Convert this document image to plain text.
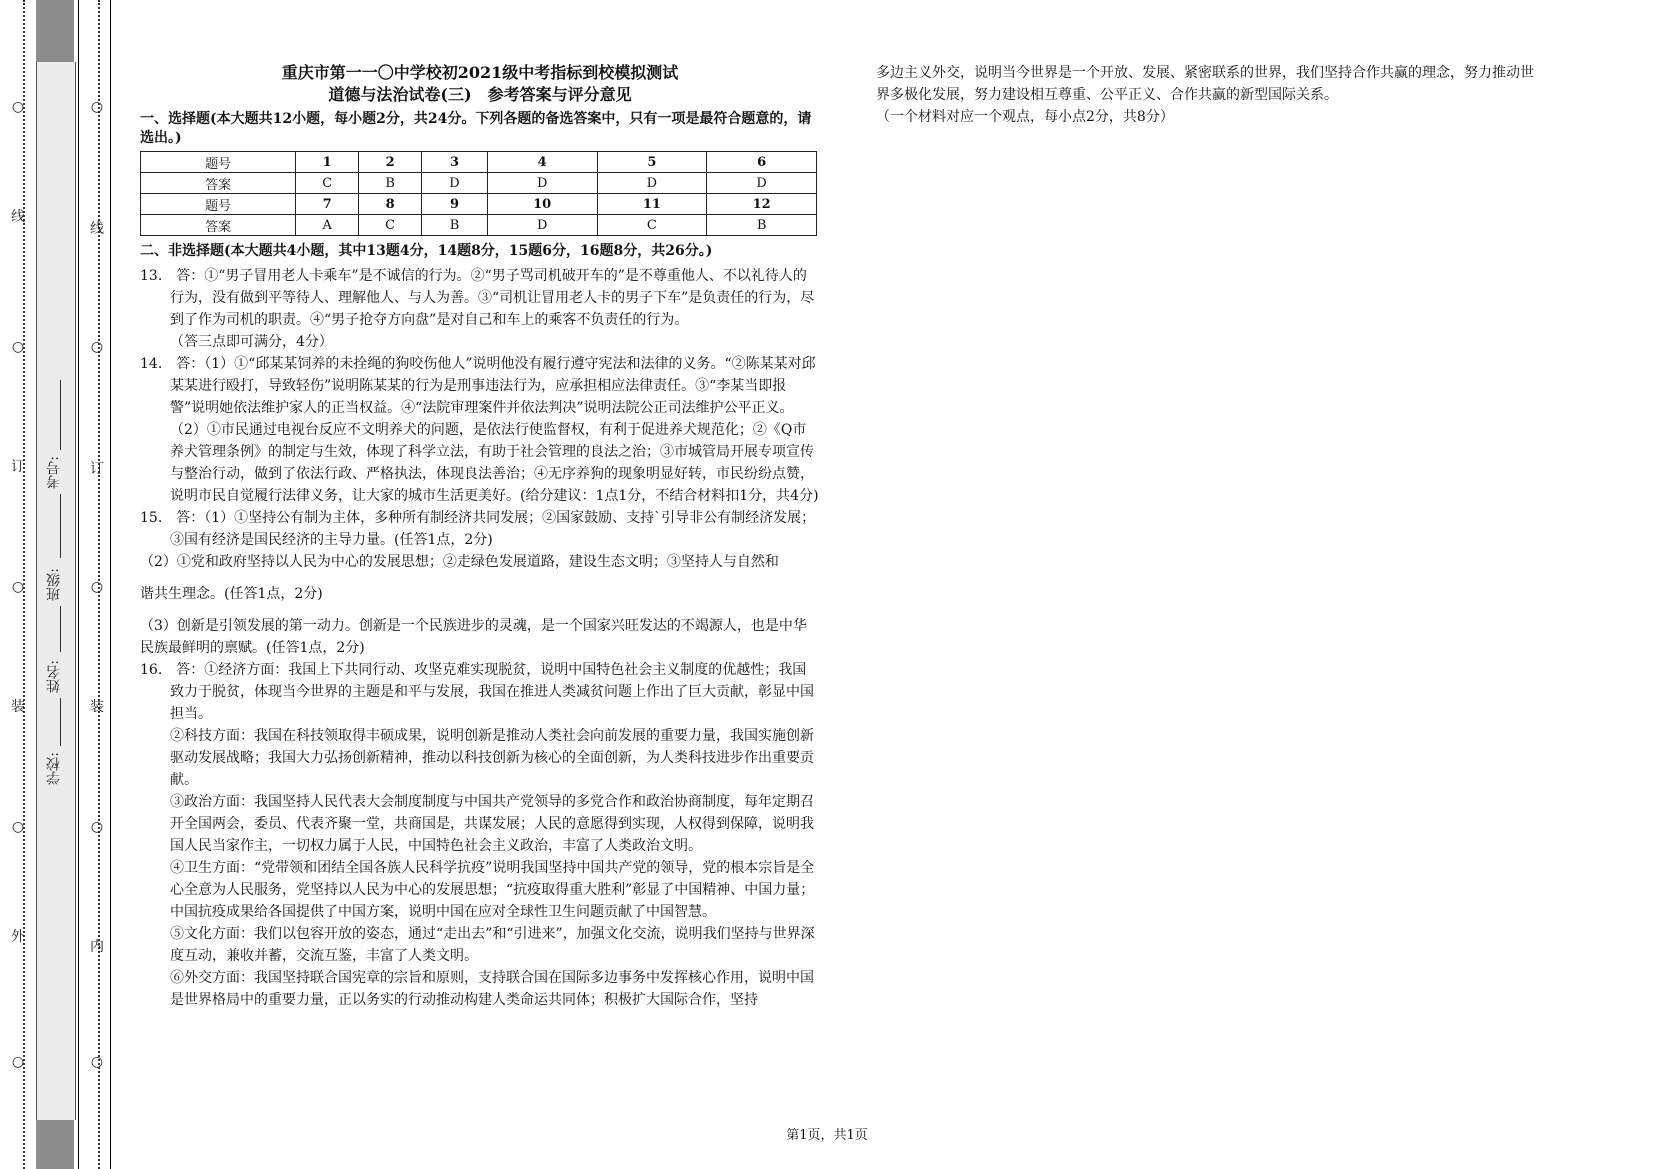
○
线
○
订
○
装
○
外
○
学校:
姓名:
班级:
考号:
○
线
○
订
○
装
○
内
○
重庆市第一一〇中学校初2021级中考指标到校模拟测试
道德与法治试卷(三)　参考答案与评分意见
一、选择题(本大题共12小题，每小题2分，共24分。下列各题的备选答案中，只有一项是最符合题意的，请选出。)
题号	1	2	3	4	5	6
答案	C	B	D	D	D	D
题号	7	8	9	10	11	12
答案	A	C	B	D	C	B
二、非选择题(本大题共4小题，其中13题4分，14题8分，15题6分，16题8分，共26分。)

13.　答：①“男子冒用老人卡乘车”是不诚信的行为。②“男子骂司机破开车的”是不尊重他人、不以礼待人的行为，没有做到平等待人、理解他人、与人为善。③“司机让冒用老人卡的男子下车”是负责任的行为，尽到了作为司机的职责。④“男子抢夺方向盘”是对自己和车上的乘客不负责任的行为。

（答三点即可满分，4分）

14.　答：（1）①“邱某某饲养的未拴绳的狗咬伤他人”说明他没有履行遵守宪法和法律的义务。“②陈某某对邱某某进行殴打，导致轻伤”说明陈某某的行为是刑事违法行为，应承担相应法律责任。③“李某当即报警”说明她依法维护家人的正当权益。④“法院审理案件并依法判决”说明法院公正司法维护公平正义。

（2）①市民通过电视台反应不文明养犬的问题，是依法行使监督权，有利于促进养犬规范化；②《Q市养犬管理条例》的制定与生效，体现了科学立法，有助于社会管理的良法之治；③市城管局开展专项宣传与整治行动，做到了依法行政、严格执法，体现良法善治；④无序养狗的现象明显好转，市民纷纷点赞，说明市民自觉履行法律义务，让大家的城市生活更美好。(给分建议：1点1分，不结合材料扣1分，共4分)

15.　答：（1）①坚持公有制为主体，多种所有制经济共同发展；②国家鼓励、支持`引导非公有制经济发展；③国有经济是国民经济的主导力量。(任答1点，2分)

（2）①党和政府坚持以人民为中心的发展思想；②走绿色发展道路，建设生态文明；③坚持人与自然和

谐共生理念。(任答1点，2分)

（3）创新是引领发展的第一动力。创新是一个民族进步的灵魂，是一个国家兴旺发达的不竭源人，也是中华民族最鲜明的禀赋。(任答1点，2分)

16.　答：①经济方面：我国上下共同行动、攻坚克难实现脱贫，说明中国特色社会主义制度的优越性；我国致力于脱贫，体现当今世界的主题是和平与发展，我国在推进人类减贫问题上作出了巨大贡献，彰显中国担当。

②科技方面：我国在科技领取得丰硕成果，说明创新是推动人类社会向前发展的重要力量，我国实施创新驱动发展战略；我国大力弘扬创新精神，推动以科技创新为核心的全面创新，为人类科技进步作出重要贡献。

③政治方面：我国坚持人民代表大会制度制度与中国共产党领导的多党合作和政治协商制度，每年定期召开全国两会，委员、代表齐聚一堂，共商国是，共谋发展；人民的意愿得到实现，人权得到保障，说明我国人民当家作主，一切权力属于人民，中国特色社会主义政治，丰富了人类政治文明。

④卫生方面：“党带领和团结全国各族人民科学抗疫”说明我国坚持中国共产党的领导，党的根本宗旨是全心全意为人民服务，党坚持以人民为中心的发展思想；“抗疫取得重大胜利”彰显了中国精神、中国力量；中国抗疫成果给各国提供了中国方案，说明中国在应对全球性卫生问题贡献了中国智慧。

⑤文化方面：我们以包容开放的姿态，通过“走出去”和“引进来”，加强文化交流，说明我们坚持与世界深度互动，兼收并蓄，交流互鉴，丰富了人类文明。

⑥外交方面：我国坚持联合国宪章的宗旨和原则，支持联合国在国际多边事务中发挥核心作用，说明中国是世界格局中的重要力量，正以务实的行动推动构建人类命运共同体；积极扩大国际合作，坚持

多边主义外交，说明当今世界是一个开放、发展、紧密联系的世界，我们坚持合作共赢的理念，努力推动世界多极化发展，努力建设相互尊重、公平正义、合作共赢的新型国际关系。

（一个材料对应一个观点，每小点2分，共8分）

第1页，共1页
